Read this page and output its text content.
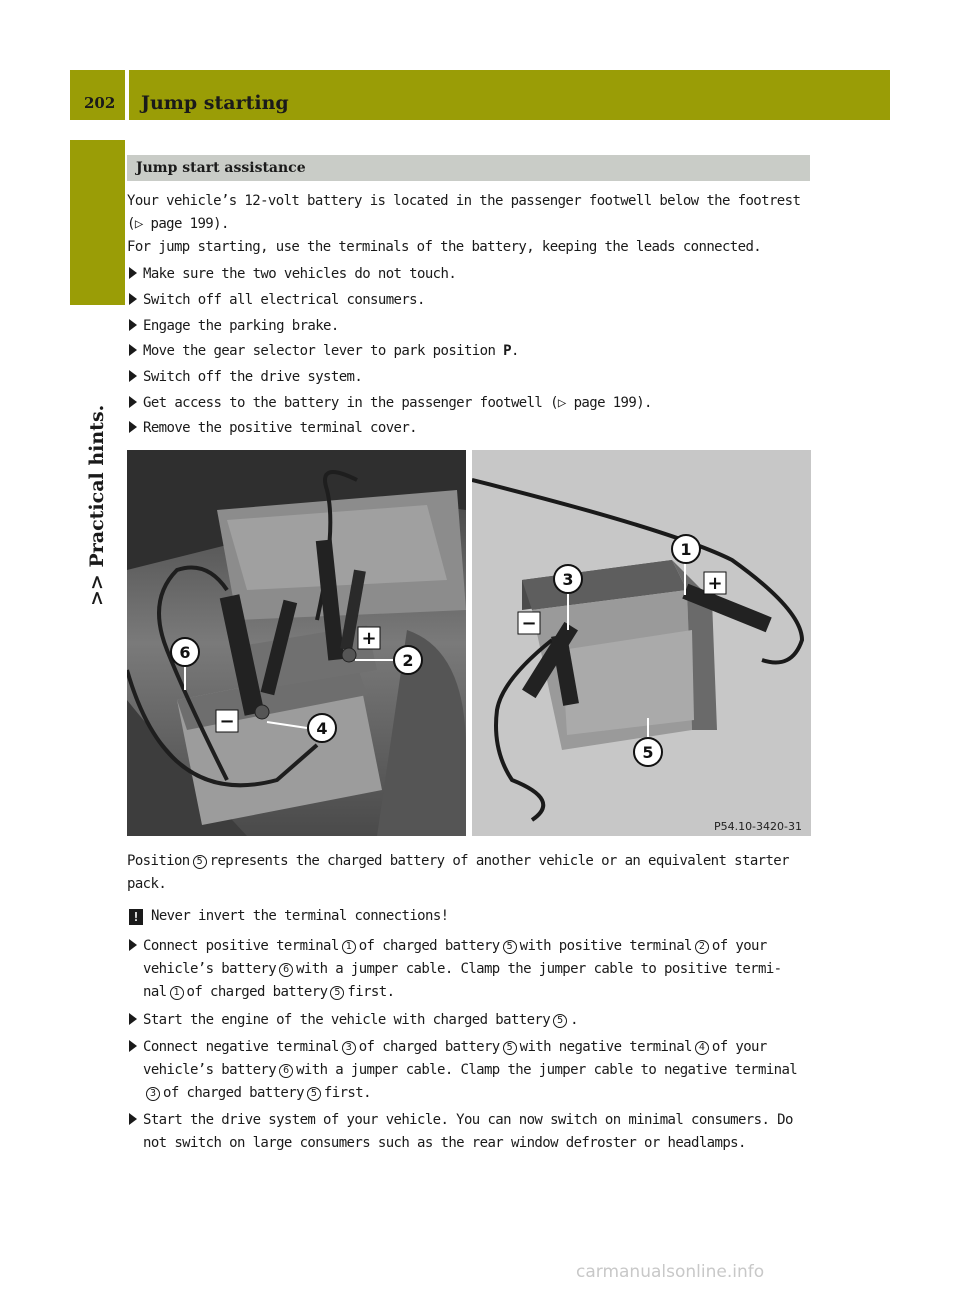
202 Jump starting
>> Practical hints.
Jump start assistance
Your vehicle’s 12-volt battery is located in the passenger footwell below the footrest
(▷ page 199).
For jump starting, use the terminals of the battery, keeping the leads connected.
Make sure the two vehicles do not touch.
Switch off all electrical consumers.
Engage the parking brake.
Move the gear selector lever to park position P.
Switch off the drive system.
Get access to the battery in the passenger footwell (▷ page 199).
Remove the positive terminal cover.
6
−	4
+
2
1
+
3
−
5
P54.10-3420-31
Position 5 represents the charged battery of another vehicle or an equivalent starter
pack.
! Never invert the terminal connections!
Connect positive terminal 1 of charged battery 5 with positive terminal 2 of your
vehicle’s battery 6 with a jumper cable. Clamp the jumper cable to positive termi-
nal 1 of charged battery 5 first.
Start the engine of the vehicle with charged battery 5 .
Connect negative terminal 3 of charged battery 5 with negative terminal 4 of your
vehicle’s battery 6 with a jumper cable. Clamp the jumper cable to negative terminal
3 of charged battery 5 first.
Start the drive system of your vehicle. You can now switch on minimal consumers. Do
not switch on large consumers such as the rear window defroster or headlamps.
carmanualsonline.info
